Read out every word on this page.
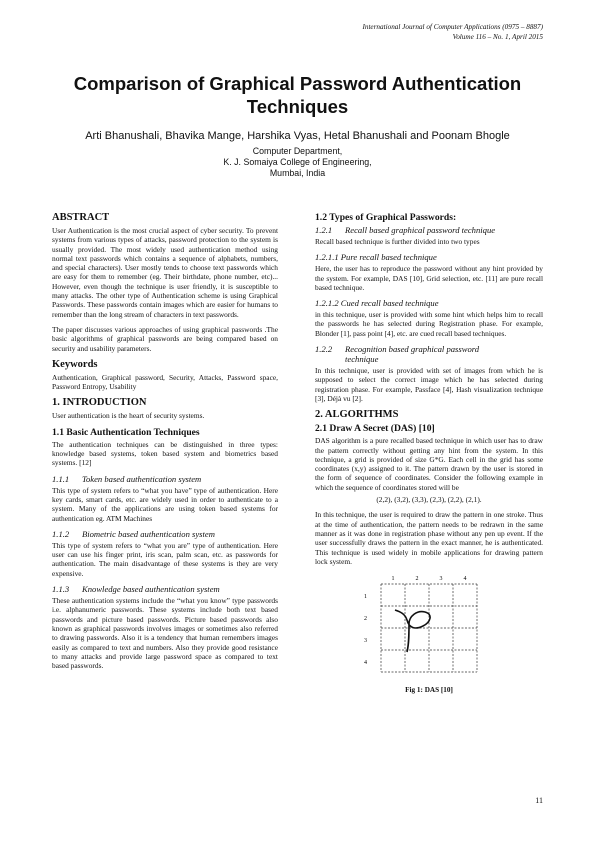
International Journal of Computer Applications (0975 – 8887)
Volume 116 – No. 1, April 2015
Comparison of Graphical Password Authentication Techniques
Arti Bhanushali, Bhavika Mange, Harshika Vyas, Hetal Bhanushali and Poonam Bhogle
Computer Department,
K. J. Somaiya College of Engineering,
Mumbai, India
ABSTRACT

User Authentication is the most crucial aspect of cyber security. To prevent systems from various types of attacks, password protection to the system is usually provided. The most widely used authentication method using normal text passwords which contains a sequence of alphabets, numbers, and special characters). User mostly tends to choose text passwords which are easy for them to remember (eg. Their birthdate, phone number, etc)... However, even though the technique is user friendly, it is susceptible to many attacks. The other type of Authentication scheme is using Graphical Passwords. These passwords contain images which are easier for humans to remember than the long stream of characters in text passwords.

The paper discusses various approaches of using graphical passwords .The basic algorithms of graphical passwords are being compared based on security and usability parameters.

Keywords

Authentication, Graphical password, Security, Attacks, Password space, Password Entropy, Usability

1. INTRODUCTION

User authentication is the heart of security systems.

1.1 Basic Authentication Techniques

The authentication techniques can be distinguished in three types: knowledge based systems, token based system and biometrics based systems. [12]

1.1.1	Token based authentication system

This type of system refers to “what you have” type of authentication. Here key cards, smart cards, etc. are widely used in order to authenticate to a system. Many of the applications are using token based systems for authentication eg. ATM Machines

1.1.2	Biometric based authentication system

This type of system refers to “what you are” type of authentication. Here user can use his finger print, iris scan, palm scan, etc. as passwords for authentication. The main disadvantage of these systems is they are very expensive.

1.1.3	Knowledge based authentication system

These authentication systems include the “what you know” type passwords i.e. alphanumeric passwords. These systems include both text based passwords and picture based passwords. Picture based passwords also known as graphical passwords involves images or sometimes also referred to drawing passwords. Also it is a tendency that human remembers images easily as compared to text and numbers. Also they provide good resistance to many attacks and provide large password space as compared to text based passwords.

1.2 Types of Graphical Passwords:
1.2.1	Recall based graphical password technique

Recall based technique is further divided into two types

1.2.1.1 Pure recall based technique

Here, the user has to reproduce the password without any hint provided by the system. For example, DAS [10], Grid selection, etc. [11] are pure recall based technique.

1.2.1.2 Cued recall based technique

in this technique, user is provided with some hint which helps him to recall the passwords he has selected during Registration phase. For example, Blonder [1], pass point [4], etc. are cued recall based techniques.

1.2.2	Recognition based graphical password technique

In this technique, user is provided with set of images from which he is supposed to select the correct image which he has selected during registration phase. For example, Passface [4], Hash visualization technique [3], Déjà vu [2].

2. ALGORITHMS
2.1 Draw A Secret (DAS) [10]

DAS algorithm is a pure recalled based technique in which user has to draw the pattern correctly without getting any hint from the system. In this technique, a grid is provided of size G*G. Each cell in the grid has some coordinates (x,y) assigned to it. The pattern drawn by the user is stored in the form of sequence of coordinates. Consider the following example in which the sequence of coordinates stored will be

(2,2), (3,2), (3,3), (2,3), (2,2), (2,1).

In this technique, the user is required to draw the pattern in one stroke. Thus at the time of authentication, the pattern needs to be redrawn in the same manner as it was done in registration phase without any pen up event. If the user successfully draws the pattern in the exact manner, he is authenticated. This technique is used widely in mobile applications for drawing pattern lock system.

1	2	3	4
1
2
3
4
Fig 1: DAS [10]
11
